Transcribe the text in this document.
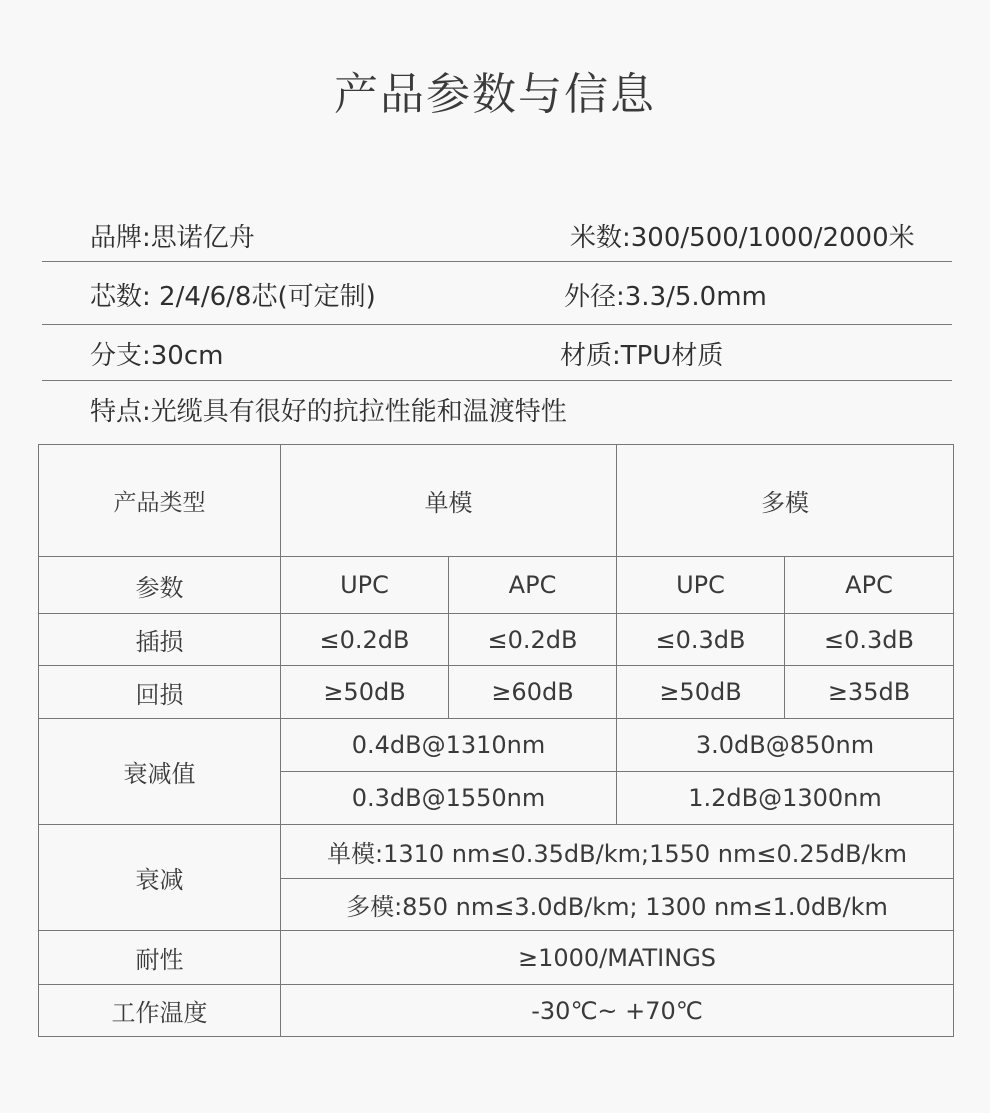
产品参数与信息
品牌:思诺亿舟	米数:300/500/1000/2000米
芯数: 2/4/6/8芯(可定制)	外径:3.3/5.0mm
分支:30cm	材质:TPU材质
特点:光缆具有很好的抗拉性能和温渡特性
产品类型	单模		多模	
参数	UPC	APC	UPC	APC
插损	≤0.2dB	≤0.2dB	≤0.3dB	≤0.3dB
回损	≥50dB	≥60dB	≥50dB	≥35dB
衰减值	0.4dB@1310nm		3.0dB@850nm	
	0.3dB@1550nm		1.2dB@1300nm	
衰减	单模:1310 nm≤0.35dB/km;1550 nm≤0.25dB/km			
	多模:850 nm≤3.0dB/km; 1300 nm≤1.0dB/km			
耐性	≥1000/MATINGS			
工作温度	-30℃~ +70℃			
